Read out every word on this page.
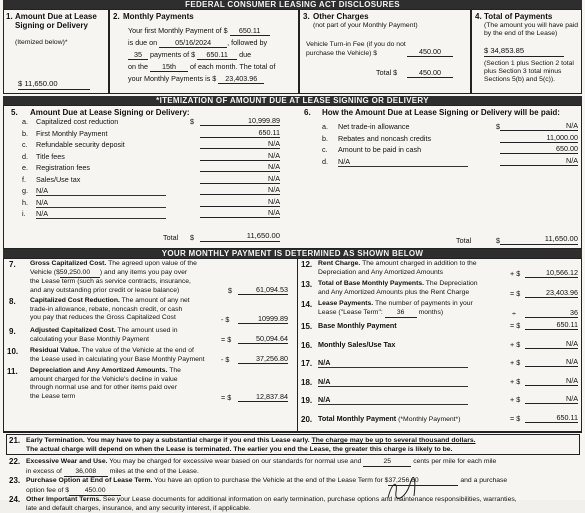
FEDERAL CONSUMER LEASING ACT DISCLOSURES
1. Amount Due at Lease Signing or Delivery
(Itemized below)*
$ 11,650.00
2. Monthly Payments
Your first Monthly Payment of $ 650.11
is due on	05/16/2024 , followed by
35 payments of $ 650.11 due
on the 15th of each month. The total of
your Monthly Payments is $ 23,403.96
3. Other Charges
(not part of your Monthly Payment)
Vehicle Turn-in Fee (if you do not purchase the Vehicle) $	450.00
Total $	450.00
4. Total of Payments
(The amount you will have paid by the end of the Lease)
$ 34,853.85
(Section 1 plus Section 2 total plus Section 3 total minus Sections 5(b) and 5(c)).
*ITEMIZATION OF AMOUNT DUE AT LEASE SIGNING OR DELIVERY
5. Amount Due at Lease Signing or Delivery:
a. Capitalized cost reduction	10,999.89
b. First Monthly Payment	650.11
c. Refundable security deposit	N/A
d. Title fees	N/A
e. Registration fees	N/A
f. Sales/Use tax	N/A
g. N/A	N/A
h. N/A	N/A
i. N/A	N/A
$
Total $	11,650.00
6. How the Amount Due at Lease Signing or Delivery will be paid:
a. Net trade-in allowance	N/A
b. Rebates and noncash credits	11,000.00
c. Amount to be paid in cash	650.00
d. N/A	N/A
$
Total	$	11,650.00
YOUR MONTHLY PAYMENT IS DETERMINED AS SHOWN BELOW
7. Gross Capitalized Cost. The agreed upon value of the
Vehicle ($59,250.00 ) and any items you pay over
the Lease term (such as service contracts, insurance,
and any outstanding prior credit or lease balance)	$	61,094.53
8. Capitalized Cost Reduction. The amount of any net
trade-in allowance, rebate, noncash credit, or cash
you pay that reduces the Gross Capitalized Cost	- $	10999.89
9. Adjusted Capitalized Cost. The amount used in
calculating your Base Monthly Payment	= $	50,094.64
10. Residual Value. The value of the Vehicle at the end of
the Lease used in calculating your Base Monthly Payment - $	37,256.80
11. Depreciation and Any Amortized Amounts. The
amount charged for the Vehicle's decline in value
through normal use and for other items paid over
the Lease term	= $	12,837.84
12. Rent Charge. The amount charged in addition to the
Depreciation and Any Amortized Amounts	+ $	10,566.12
13. Total of Base Monthly Payments. The Depreciation
and Any Amortized Amounts plus the Rent Charge	= $	23,403.96
14. Lease Payments. The number of payments in your
Lease ("Lease Term": 36 months)	÷	36
15. Base Monthly Payment	= $	650.11
16. Monthly Sales/Use Tax	+ $	N/A
17. N/A	+ $	N/A
18. N/A	+ $	N/A
19. N/A	+ $	N/A
20. Total Monthly Payment (*Monthly Payment*)	= $	650.11
21. Early Termination. You may have to pay a substantial charge if you end this Lease early. The charge may be up to several thousand dollars.
The actual charge will depend on when the Lease is terminated. The earlier you end the Lease, the greater this charge is likely to be.
22. Excessive Wear and Use. You may be charged for excessive wear based on our standards for normal use and	25	cents per mile for each mile
in excess of 36,008 miles at the end of the Lease.
23. Purchase Option at End of Lease Term. You have an option to purchase the Vehicle at the end of the Lease Term for $37,256.80	and a purchase
option fee of $ 450.00
24. Other Important Terms. See your Lease documents for additional information on early termination, purchase options and maintenance responsibilities, warranties,
late and default charges, insurance, and any security interest, if applicable.
